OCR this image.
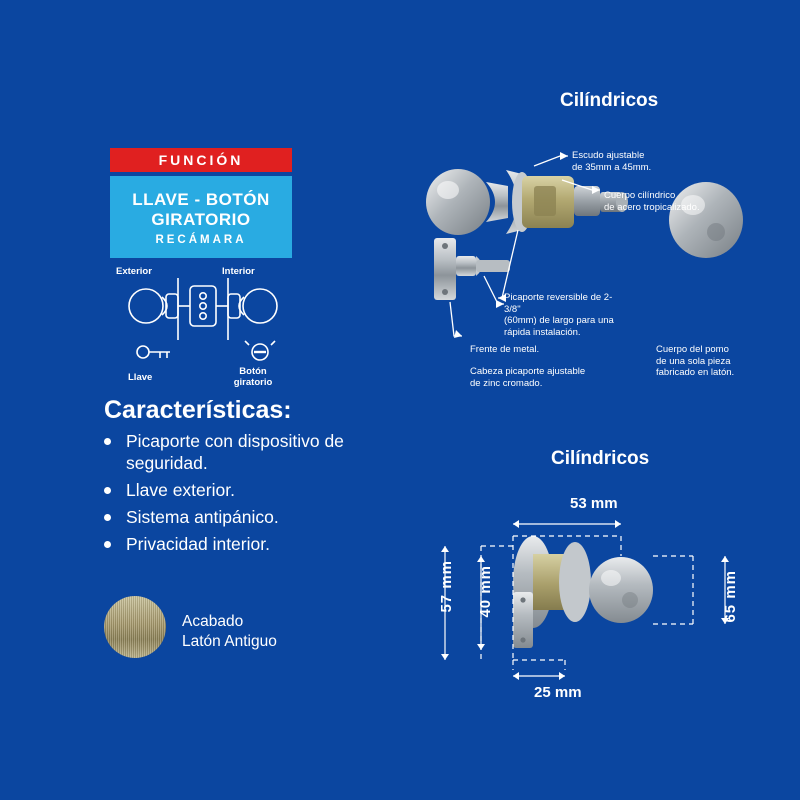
FUNCIÓN
LLAVE - BOTÓN
GIRATORIO
RECÁMARA
Exterior	Interior
Llave
Botón
giratorio
Características:
Picaporte con dispositivo de seguridad.
Llave exterior.
Sistema antipánico.
Privacidad interior.
Acabado
Latón Antiguo
Cilíndricos
Escudo ajustable
de 35mm a 45mm.
Cuerpo cilíndrico
de acero tropicalizado.
Picaporte reversible de 2-3/8"
(60mm) de largo para una
rápida instalación.
Frente de metal.
Cabeza picaporte ajustable
de zinc cromado.
Cuerpo del pomo
de una sola pieza
fabricado en latón.
Cilíndricos
53 mm
25 mm
57 mm 40 mm	65 mm
